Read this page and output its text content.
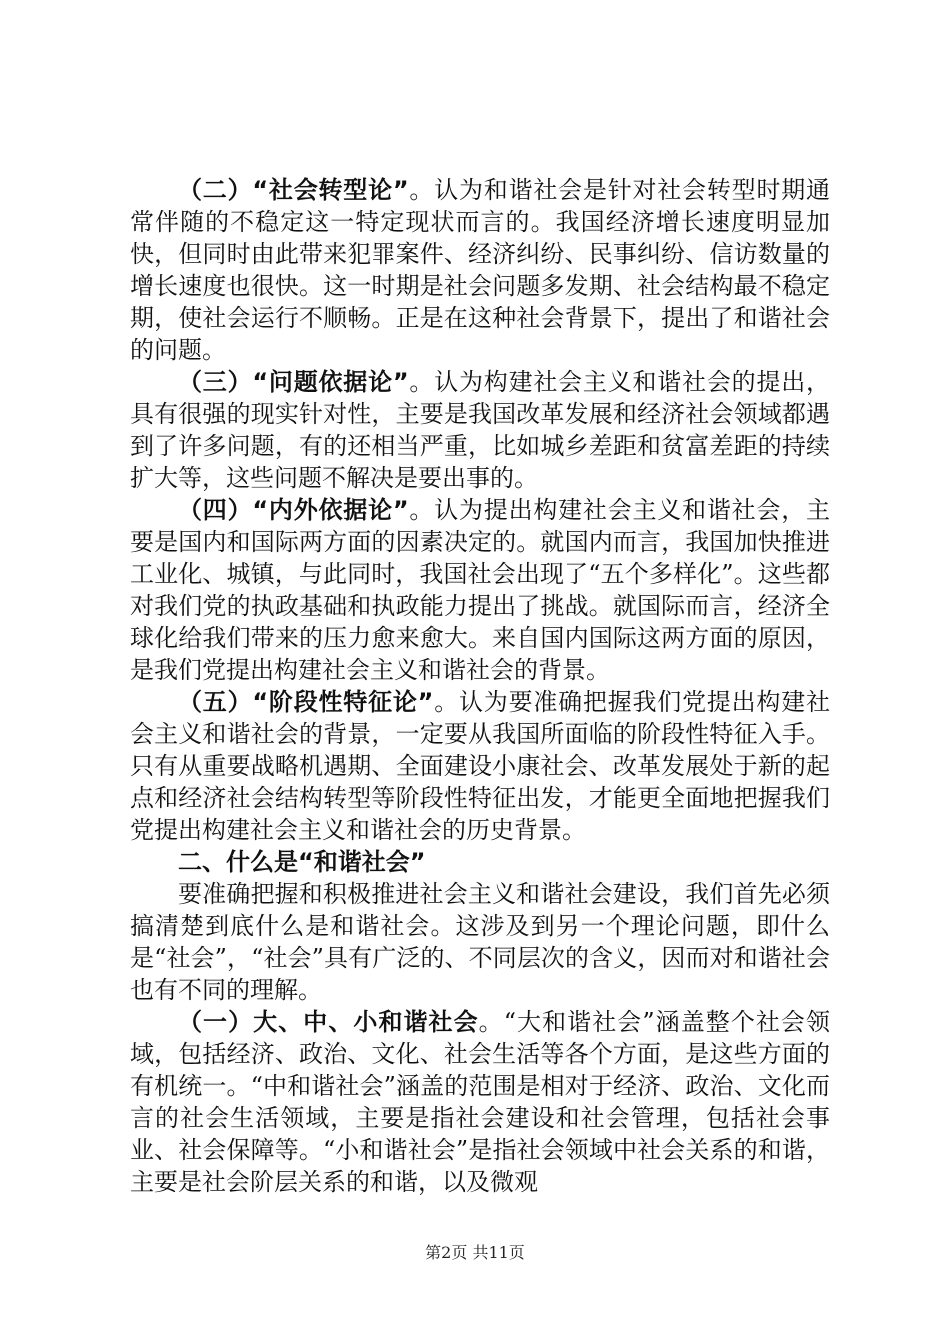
（二）“社会转型论”。认为和谐社会是针对社会转型时期通常伴随的不稳定这一特定现状而言的。我国经济增长速度明显加快，但同时由此带来犯罪案件、经济纠纷、民事纠纷、信访数量的增长速度也很快。这一时期是社会问题多发期、社会结构最不稳定期，使社会运行不顺畅。正是在这种社会背景下，提出了和谐社会的问题。

（三）“问题依据论”。认为构建社会主义和谐社会的提出，具有很强的现实针对性，主要是我国改革发展和经济社会领域都遇到了许多问题，有的还相当严重，比如城乡差距和贫富差距的持续扩大等，这些问题不解决是要出事的。

（四）“内外依据论”。认为提出构建社会主义和谐社会，主要是国内和国际两方面的因素决定的。就国内而言，我国加快推进工业化、城镇，与此同时，我国社会出现了“五个多样化”。这些都对我们党的执政基础和执政能力提出了挑战。就国际而言，经济全球化给我们带来的压力愈来愈大。来自国内国际这两方面的原因，是我们党提出构建社会主义和谐社会的背景。

（五）“阶段性特征论”。认为要准确把握我们党提出构建社会主义和谐社会的背景，一定要从我国所面临的阶段性特征入手。只有从重要战略机遇期、全面建设小康社会、改革发展处于新的起点和经济社会结构转型等阶段性特征出发，才能更全面地把握我们党提出构建社会主义和谐社会的历史背景。

二、什么是“和谐社会”

要准确把握和积极推进社会主义和谐社会建设，我们首先必须搞清楚到底什么是和谐社会。这涉及到另一个理论问题，即什么是“社会”，“社会”具有广泛的、不同层次的含义，因而对和谐社会也有不同的理解。

（一）大、中、小和谐社会。“大和谐社会”涵盖整个社会领域，包括经济、政治、文化、社会生活等各个方面，是这些方面的有机统一。“中和谐社会”涵盖的范围是相对于经济、政治、文化而言的社会生活领域，主要是指社会建设和社会管理，包括社会事业、社会保障等。“小和谐社会”是指社会领域中社会关系的和谐，主要是社会阶层关系的和谐，以及微观

第2页 共11页
